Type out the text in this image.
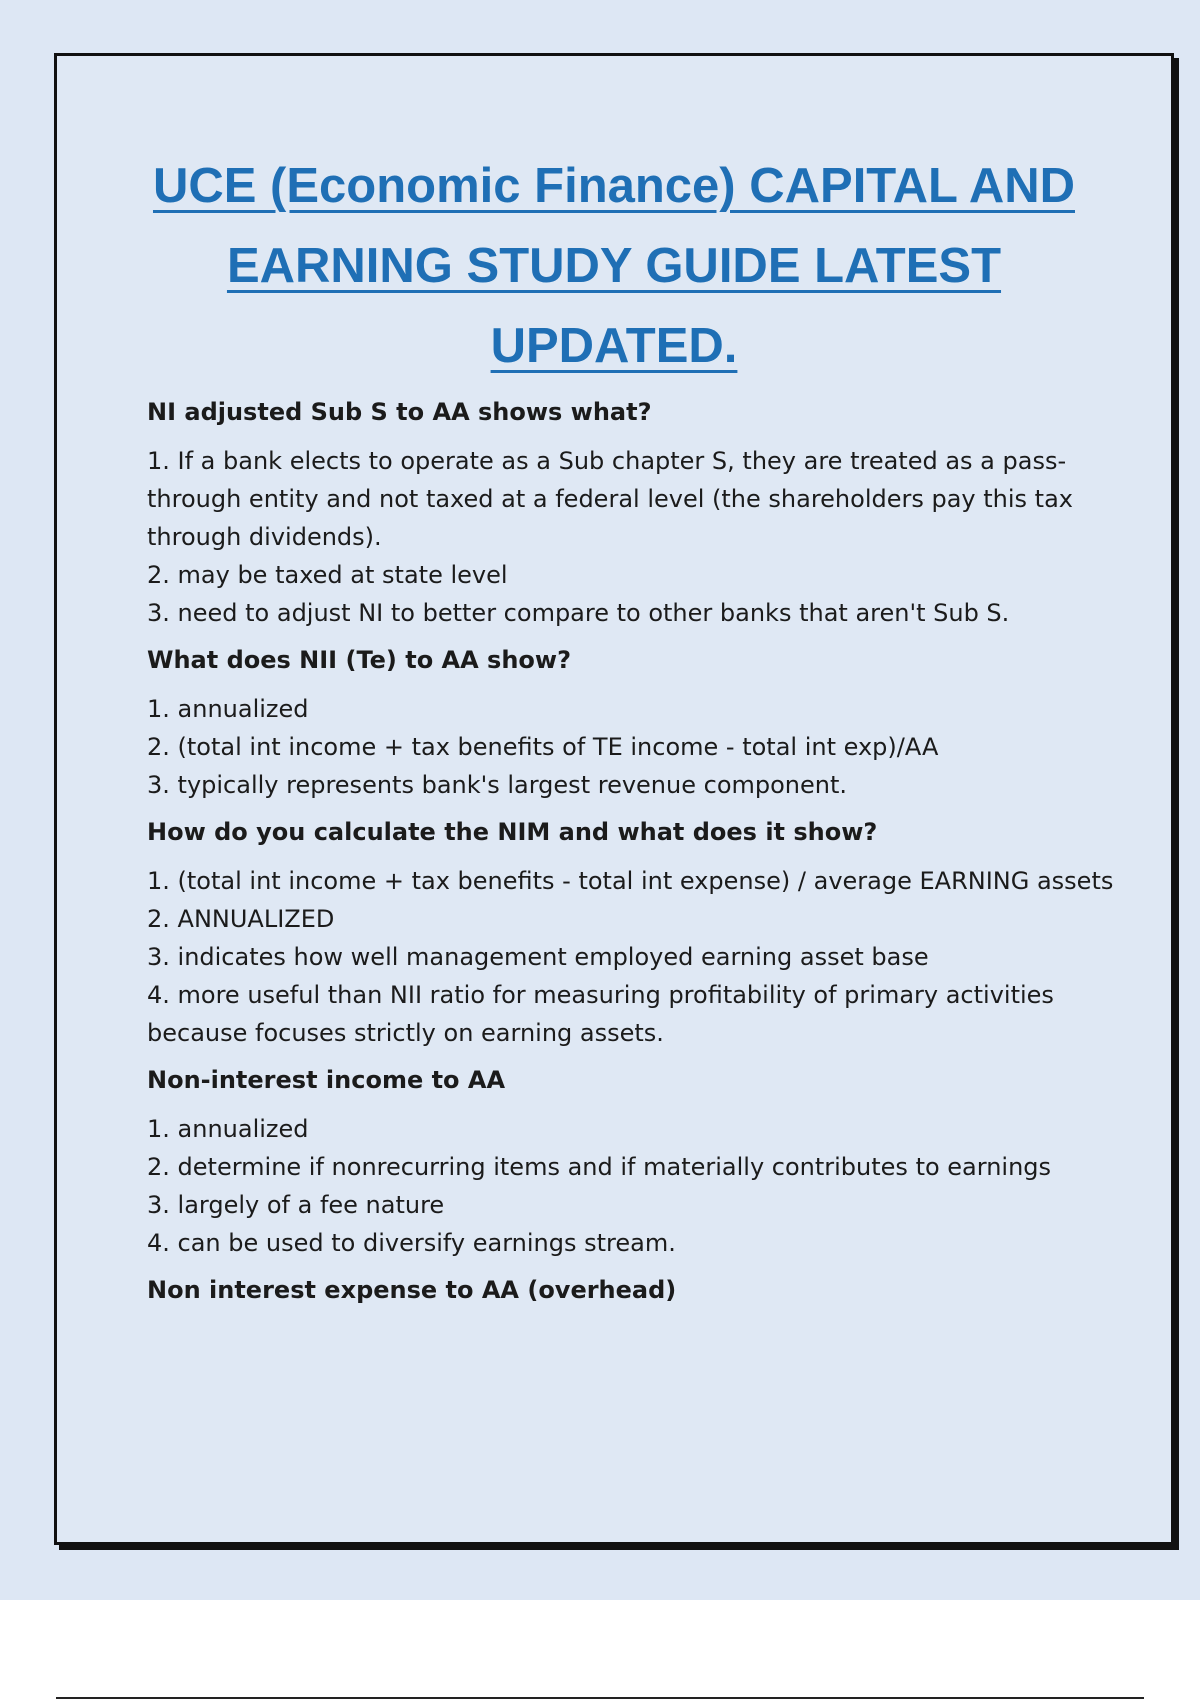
UCE (Economic Finance) CAPITAL AND
EARNING STUDY GUIDE LATEST
UPDATED.
NI adjusted Sub S to AA shows what?
1. If a bank elects to operate as a Sub chapter S, they are treated as a pass-through entity and not taxed at a federal level (the shareholders pay this tax through dividends).
2. may be taxed at state level
3. need to adjust NI to better compare to other banks that aren't Sub S.
What does NII (Te) to AA show?
1. annualized
2. (total int income + tax benefits of TE income - total int exp)/AA
3. typically represents bank's largest revenue component.
How do you calculate the NIM and what does it show?
1. (total int income + tax benefits - total int expense) / average EARNING assets
2. ANNUALIZED
3. indicates how well management employed earning asset base
4. more useful than NII ratio for measuring profitability of primary activities because focuses strictly on earning assets.
Non-interest income to AA
1. annualized
2. determine if nonrecurring items and if materially contributes to earnings
3. largely of a fee nature
4. can be used to diversify earnings stream.
Non interest expense to AA (overhead)
